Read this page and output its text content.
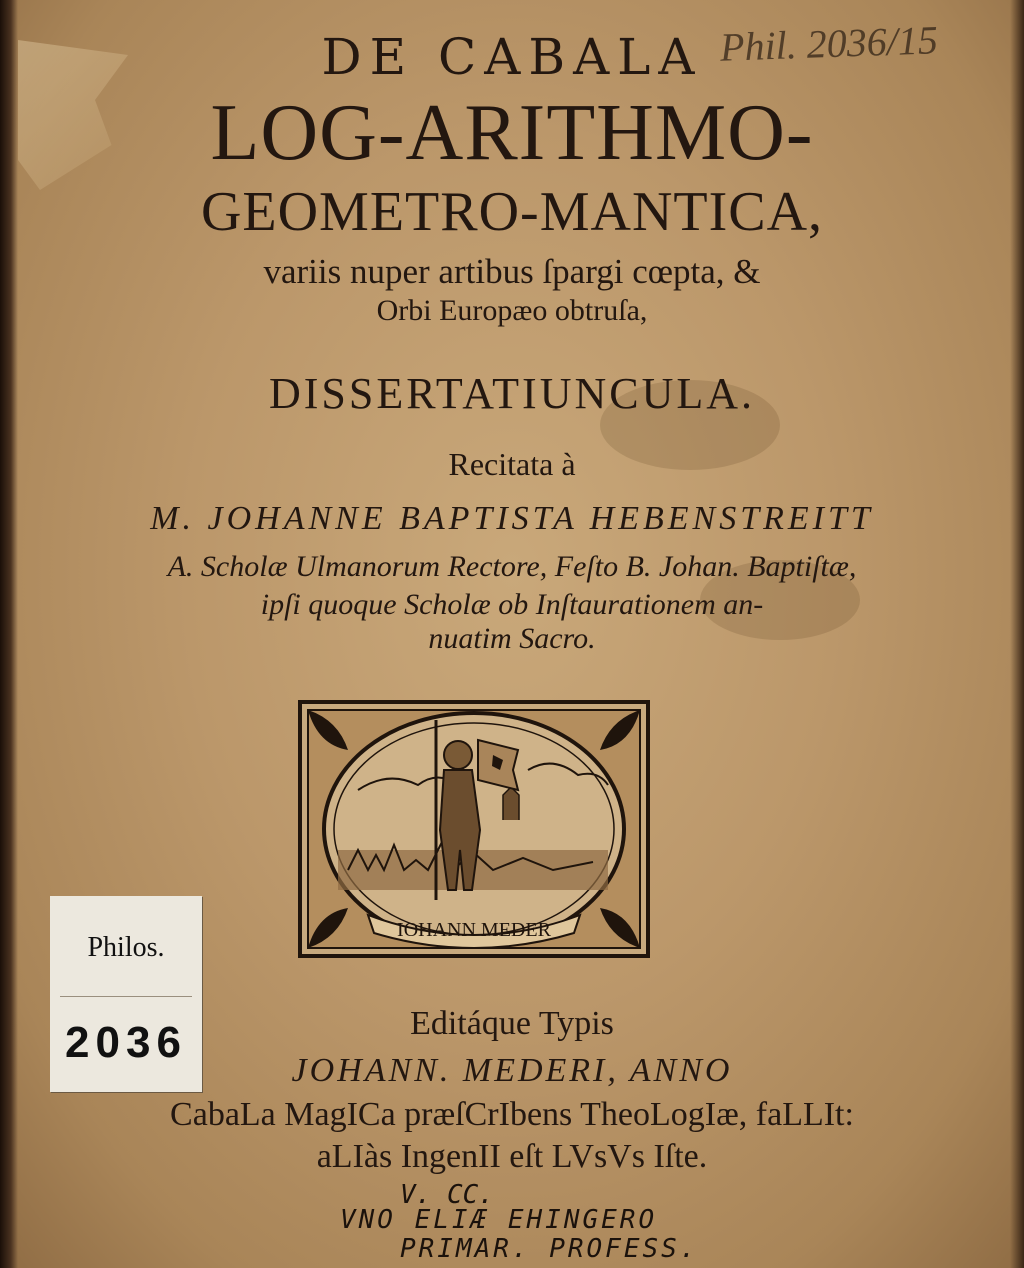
Phil. 2036/15
DE CABALA
LOG-ARITHMO-
GEOMETRO-MANTICA,
variis nuper artibus ſpargi cœpta, &
Orbi Europæo obtruſa,
DISSERTATIUNCULA.
Recitata à
M. JOHANNE BAPTISTA HEBENSTREITT
A. Scholæ Ulmanorum Rectore, Feſto B. Johan. Baptiſtæ,
ipſi quoque Scholæ ob Inſtaurationem an-
nuatim Sacro.
IOHANN MEDER
Editáque Typis
JOHANN. MEDERI, ANNO
CabaLa MagICa præſCrIbens TheoLogIæ, faLLIt:
aLIàs IngenII eſt LVsVs Iſte.
V. CC.
VNO ELIÆ EHINGERO
PRIMAR. PROFESS.
Philos.
2036
